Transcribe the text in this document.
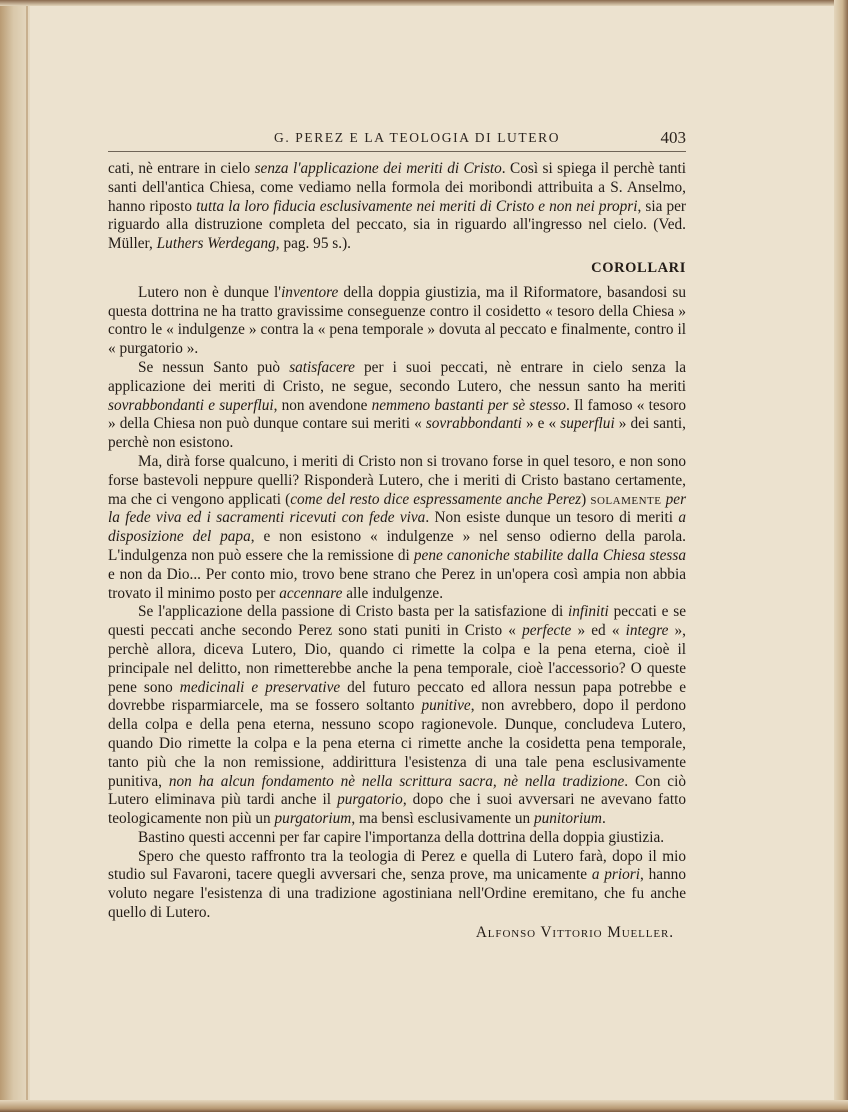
G. PEREZ E LA TEOLOGIA DI LUTERO	403

cati, nè entrare in cielo senza l'applicazione dei meriti di Cristo. Così si spiega il perchè tanti santi dell'antica Chiesa, come vediamo nella formola dei moribondi attribuita a S. Anselmo, hanno riposto tutta la loro fiducia esclusivamente nei meriti di Cristo e non nei propri, sia per riguardo alla distruzione completa del peccato, sia in riguardo all'ingresso nel cielo. (Ved. Müller, Luthers Werdegang, pag. 95 s.).

COROLLARI

Lutero non è dunque l'inventore della doppia giustizia, ma il Riformatore, basandosi su questa dottrina ne ha tratto gravissime conseguenze contro il cosidetto « tesoro della Chiesa » contro le « indulgenze » contra la « pena temporale » dovuta al peccato e finalmente, contro il « purgatorio ».

Se nessun Santo può satisfacere per i suoi peccati, nè entrare in cielo senza la applicazione dei meriti di Cristo, ne segue, secondo Lutero, che nessun santo ha meriti sovrabbondanti e superflui, non avendone nemmeno bastanti per sè stesso. Il famoso « tesoro » della Chiesa non può dunque contare sui meriti « sovrabbondanti » e « superflui » dei santi, perchè non esistono.

Ma, dirà forse qualcuno, i meriti di Cristo non si trovano forse in quel tesoro, e non sono forse bastevoli neppure quelli? Risponderà Lutero, che i meriti di Cristo bastano certamente, ma che ci vengono applicati (come del resto dice espressamente anche Perez) solamente per la fede viva ed i sacramenti ricevuti con fede viva. Non esiste dunque un tesoro di meriti a disposizione del papa, e non esistono « indulgenze » nel senso odierno della parola. L'indulgenza non può essere che la remissione di pene canoniche stabilite dalla Chiesa stessa e non da Dio... Per conto mio, trovo bene strano che Perez in un'opera così ampia non abbia trovato il minimo posto per accennare alle indulgenze.

Se l'applicazione della passione di Cristo basta per la satisfazione di infiniti peccati e se questi peccati anche secondo Perez sono stati puniti in Cristo « perfecte » ed « integre », perchè allora, diceva Lutero, Dio, quando ci rimette la colpa e la pena eterna, cioè il principale nel delitto, non rimetterebbe anche la pena temporale, cioè l'accessorio? O queste pene sono medicinali e preservative del futuro peccato ed allora nessun papa potrebbe e dovrebbe risparmiarcele, ma se fossero soltanto punitive, non avrebbero, dopo il perdono della colpa e della pena eterna, nessuno scopo ragionevole. Dunque, concludeva Lutero, quando Dio rimette la colpa e la pena eterna ci rimette anche la cosidetta pena temporale, tanto più che la non remissione, addirittura l'esistenza di una tale pena esclusivamente punitiva, non ha alcun fondamento nè nella scrittura sacra, nè nella tradizione. Con ciò Lutero eliminava più tardi anche il purgatorio, dopo che i suoi avversari ne avevano fatto teologicamente non più un purgatorium, ma bensì esclusivamente un punitorium.

Bastino questi accenni per far capire l'importanza della dottrina della doppia giustizia.

Spero che questo raffronto tra la teologia di Perez e quella di Lutero farà, dopo il mio studio sul Favaroni, tacere quegli avversari che, senza prove, ma unicamente a priori, hanno voluto negare l'esistenza di una tradizione agostiniana nell'Ordine eremitano, che fu anche quello di Lutero.

Alfonso Vittorio Mueller.
